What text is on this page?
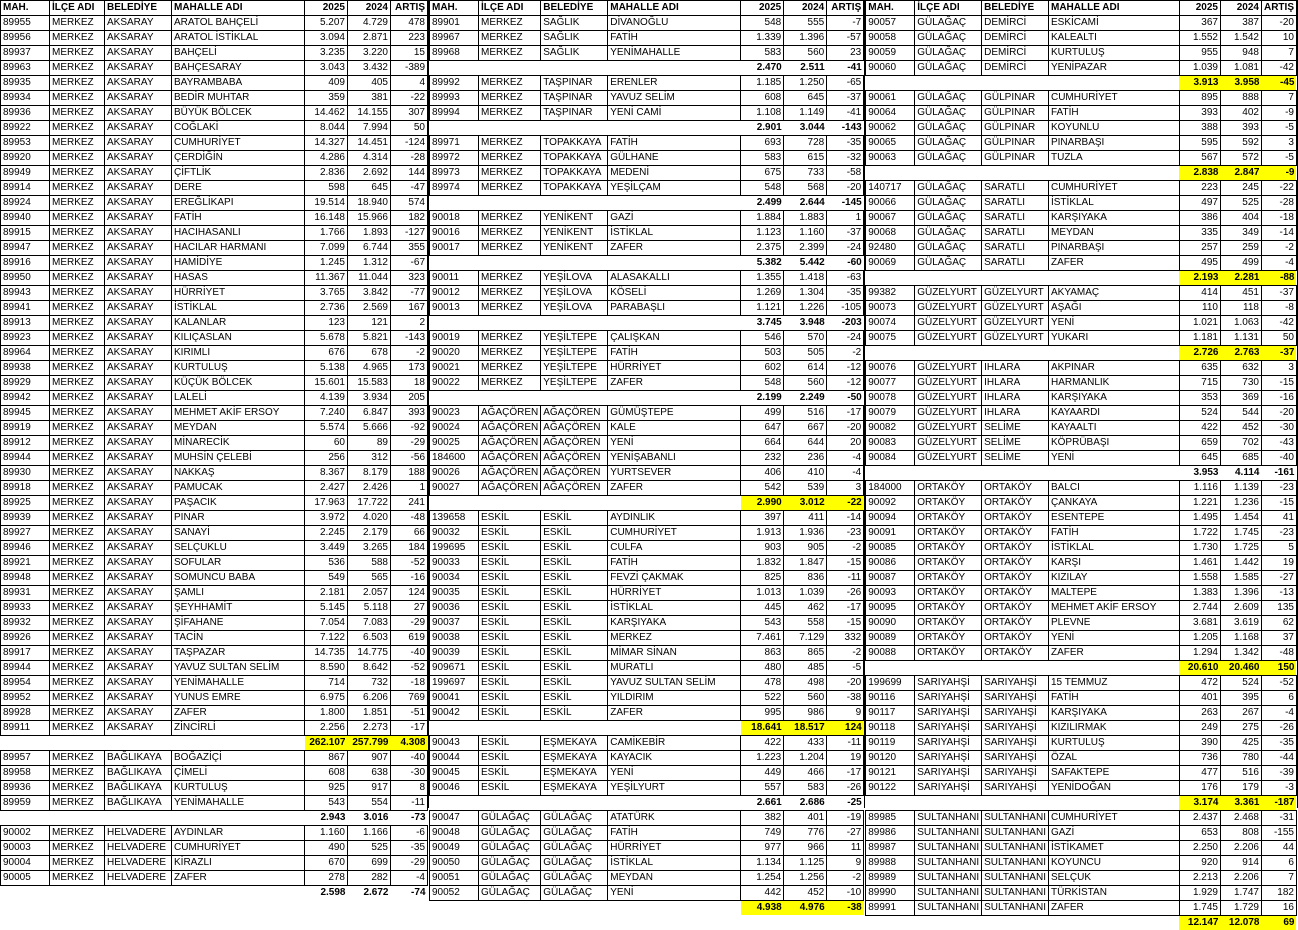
MAH.	İLÇE ADI	BELEDİYE	MAHALLE ADI	2025	2024	ARTIŞ
89955	MERKEZ	AKSARAY	ARATOL BAHÇELİ	5.207	4.729	478
89956	MERKEZ	AKSARAY	ARATOL İSTİKLAL	3.094	2.871	223
89937	MERKEZ	AKSARAY	BAHÇELİ	3.235	3.220	15
89963	MERKEZ	AKSARAY	BAHÇESARAY	3.043	3.432	-389
89935	MERKEZ	AKSARAY	BAYRAMBABA	409	405	4
89934	MERKEZ	AKSARAY	BEDİR MUHTAR	359	381	-22
89936	MERKEZ	AKSARAY	BÜYÜK BÖLCEK	14.462	14.155	307
89922	MERKEZ	AKSARAY	COĞLAKİ	8.044	7.994	50
89953	MERKEZ	AKSARAY	CUMHURİYET	14.327	14.451	-124
89920	MERKEZ	AKSARAY	ÇERDİĞİN	4.286	4.314	-28
89949	MERKEZ	AKSARAY	ÇİFTLİK	2.836	2.692	144
89914	MERKEZ	AKSARAY	DERE	598	645	-47
89924	MERKEZ	AKSARAY	EREĞLİKAPI	19.514	18.940	574
89940	MERKEZ	AKSARAY	FATİH	16.148	15.966	182
89915	MERKEZ	AKSARAY	HACIHASANLI	1.766	1.893	-127
89947	MERKEZ	AKSARAY	HACILAR HARMANI	7.099	6.744	355
89916	MERKEZ	AKSARAY	HAMİDİYE	1.245	1.312	-67
89950	MERKEZ	AKSARAY	HASAS	11.367	11.044	323
89943	MERKEZ	AKSARAY	HÜRRİYET	3.765	3.842	-77
89941	MERKEZ	AKSARAY	İSTİKLAL	2.736	2.569	167
89913	MERKEZ	AKSARAY	KALANLAR	123	121	2
89923	MERKEZ	AKSARAY	KILIÇASLAN	5.678	5.821	-143
89964	MERKEZ	AKSARAY	KIRIMLI	676	678	-2
89938	MERKEZ	AKSARAY	KURTULUŞ	5.138	4.965	173
89929	MERKEZ	AKSARAY	KÜÇÜK BÖLCEK	15.601	15.583	18
89942	MERKEZ	AKSARAY	LALELİ	4.139	3.934	205
89945	MERKEZ	AKSARAY	MEHMET AKİF ERSOY	7.240	6.847	393
89919	MERKEZ	AKSARAY	MEYDAN	5.574	5.666	-92
89912	MERKEZ	AKSARAY	MİNARECİK	60	89	-29
89944	MERKEZ	AKSARAY	MUHSİN ÇELEBİ	256	312	-56
89930	MERKEZ	AKSARAY	NAKKAŞ	8.367	8.179	188
89918	MERKEZ	AKSARAY	PAMUCAK	2.427	2.426	1
89925	MERKEZ	AKSARAY	PAŞACIK	17.963	17.722	241
89939	MERKEZ	AKSARAY	PINAR	3.972	4.020	-48
89927	MERKEZ	AKSARAY	SANAYİ	2.245	2.179	66
89946	MERKEZ	AKSARAY	SELÇUKLU	3.449	3.265	184
89921	MERKEZ	AKSARAY	SOFULAR	536	588	-52
89948	MERKEZ	AKSARAY	SOMUNCU BABA	549	565	-16
89931	MERKEZ	AKSARAY	ŞAMLI	2.181	2.057	124
89933	MERKEZ	AKSARAY	ŞEYHHAMİT	5.145	5.118	27
89932	MERKEZ	AKSARAY	ŞİFAHANE	7.054	7.083	-29
89926	MERKEZ	AKSARAY	TACİN	7.122	6.503	619
89917	MERKEZ	AKSARAY	TAŞPAZAR	14.735	14.775	-40
89944	MERKEZ	AKSARAY	YAVUZ SULTAN SELİM	8.590	8.642	-52
89954	MERKEZ	AKSARAY	YENİMAHALLE	714	732	-18
89952	MERKEZ	AKSARAY	YUNUS EMRE	6.975	6.206	769
89928	MERKEZ	AKSARAY	ZAFER	1.800	1.851	-51
89911	MERKEZ	AKSARAY	ZİNCİRLİ	2.256	2.273	-17
				262.107	257.799	4.308
89957	MERKEZ	BAĞLIKAYA	BOĞAZİÇİ	867	907	-40
89958	MERKEZ	BAĞLIKAYA	ÇİMELİ	608	638	-30
89936	MERKEZ	BAĞLIKAYA	KURTULUŞ	925	917	8
89959	MERKEZ	BAĞLIKAYA	YENİMAHALLE	543	554	-11
				2.943	3.016	-73
90002	MERKEZ	HELVADERE	AYDINLAR	1.160	1.166	-6
90003	MERKEZ	HELVADERE	CUMHURİYET	490	525	-35
90004	MERKEZ	HELVADERE	KİRAZLI	670	699	-29
90005	MERKEZ	HELVADERE	ZAFER	278	282	-4
				2.598	2.672	-74
MAH.	İLÇE ADI	BELEDİYE	MAHALLE ADI	2025	2024	ARTIŞ
89901	MERKEZ	SAĞLIK	DİVANOĞLU	548	555	-7
89967	MERKEZ	SAĞLIK	FATİH	1.339	1.396	-57
89968	MERKEZ	SAĞLIK	YENİMAHALLE	583	560	23
				2.470	2.511	-41
89992	MERKEZ	TAŞPINAR	ERENLER	1.185	1.250	-65
89993	MERKEZ	TAŞPINAR	YAVUZ SELİM	608	645	-37
89994	MERKEZ	TAŞPINAR	YENİ CAMİ	1.108	1.149	-41
				2.901	3.044	-143
89971	MERKEZ	TOPAKKAYA	FATİH	693	728	-35
89972	MERKEZ	TOPAKKAYA	GÜLHANE	583	615	-32
89973	MERKEZ	TOPAKKAYA	MEDENİ	675	733	-58
89974	MERKEZ	TOPAKKAYA	YEŞİLÇAM	548	568	-20
				2.499	2.644	-145
90018	MERKEZ	YENİKENT	GAZİ	1.884	1.883	1
90016	MERKEZ	YENİKENT	İSTİKLAL	1.123	1.160	-37
90017	MERKEZ	YENİKENT	ZAFER	2.375	2.399	-24
				5.382	5.442	-60
90011	MERKEZ	YEŞİLOVA	ALASAKALLI	1.355	1.418	-63
90012	MERKEZ	YEŞİLOVA	KÖSELİ	1.269	1.304	-35
90013	MERKEZ	YEŞİLOVA	PARABAŞLI	1.121	1.226	-105
				3.745	3.948	-203
90019	MERKEZ	YEŞİLTEPE	ÇALIŞKAN	546	570	-24
90020	MERKEZ	YEŞİLTEPE	FATİH	503	505	-2
90021	MERKEZ	YEŞİLTEPE	HÜRRİYET	602	614	-12
90022	MERKEZ	YEŞİLTEPE	ZAFER	548	560	-12
				2.199	2.249	-50
90023	AĞAÇÖREN	AĞAÇÖREN	GÜMÜŞTEPE	499	516	-17
90024	AĞAÇÖREN	AĞAÇÖREN	KALE	647	667	-20
90025	AĞAÇÖREN	AĞAÇÖREN	YENİ	664	644	20
184600	AĞAÇÖREN	AĞAÇÖREN	YENİŞABANLI	232	236	-4
90026	AĞAÇÖREN	AĞAÇÖREN	YURTSEVER	406	410	-4
90027	AĞAÇÖREN	AĞAÇÖREN	ZAFER	542	539	3
				2.990	3.012	-22
139658	ESKİL	ESKİL	AYDINLIK	397	411	-14
90032	ESKİL	ESKİL	CUMHURİYET	1.913	1.936	-23
199695	ESKİL	ESKİL	CULFA	903	905	-2
90033	ESKİL	ESKİL	FATİH	1.832	1.847	-15
90034	ESKİL	ESKİL	FEVZİ ÇAKMAK	825	836	-11
90035	ESKİL	ESKİL	HÜRRİYET	1.013	1.039	-26
90036	ESKİL	ESKİL	İSTİKLAL	445	462	-17
90037	ESKİL	ESKİL	KARŞIYAKA	543	558	-15
90038	ESKİL	ESKİL	MERKEZ	7.461	7.129	332
90039	ESKİL	ESKİL	MİMAR SİNAN	863	865	-2
909671	ESKİL	ESKİL	MURATLI	480	485	-5
199697	ESKİL	ESKİL	YAVUZ SULTAN SELİM	478	498	-20
90041	ESKİL	ESKİL	YILDIRIM	522	560	-38
90042	ESKİL	ESKİL	ZAFER	995	986	9
				18.641	18.517	124
90043	ESKİL	EŞMEKAYA	CAMİKEBİR	422	433	-11
90044	ESKİL	EŞMEKAYA	KAYACIK	1.223	1.204	19
90045	ESKİL	EŞMEKAYA	YENİ	449	466	-17
90046	ESKİL	EŞMEKAYA	YEŞİLYURT	557	583	-26
				2.661	2.686	-25
90047	GÜLAĞAÇ	GÜLAĞAÇ	ATATÜRK	382	401	-19
90048	GÜLAĞAÇ	GÜLAĞAÇ	FATİH	749	776	-27
90049	GÜLAĞAÇ	GÜLAĞAÇ	HÜRRİYET	977	966	11
90050	GÜLAĞAÇ	GÜLAĞAÇ	İSTİKLAL	1.134	1.125	9
90051	GÜLAĞAÇ	GÜLAĞAÇ	MEYDAN	1.254	1.256	-2
90052	GÜLAĞAÇ	GÜLAĞAÇ	YENİ	442	452	-10
				4.938	4.976	-38
MAH.	İLÇE ADI	BELEDİYE	MAHALLE ADI	2025	2024	ARTIŞ
90057	GÜLAĞAÇ	DEMİRCİ	ESKİCAMİ	367	387	-20
90058	GÜLAĞAÇ	DEMİRCİ	KALEALTI	1.552	1.542	10
90059	GÜLAĞAÇ	DEMİRCİ	KURTULUŞ	955	948	7
90060	GÜLAĞAÇ	DEMİRCİ	YENİPAZAR	1.039	1.081	-42
				3.913	3.958	-45
90061	GÜLAĞAÇ	GÜLPINAR	CUMHURİYET	895	888	7
90064	GÜLAĞAÇ	GÜLPINAR	FATİH	393	402	-9
90062	GÜLAĞAÇ	GÜLPINAR	KOYUNLU	388	393	-5
90065	GÜLAĞAÇ	GÜLPINAR	PINARBAŞI	595	592	3
90063	GÜLAĞAÇ	GÜLPINAR	TUZLA	567	572	-5
				2.838	2.847	-9
140717	GÜLAĞAÇ	SARATLI	CUMHURİYET	223	245	-22
90066	GÜLAĞAÇ	SARATLI	İSTİKLAL	497	525	-28
90067	GÜLAĞAÇ	SARATLI	KARŞIYAKA	386	404	-18
90068	GÜLAĞAÇ	SARATLI	MEYDAN	335	349	-14
92480	GÜLAĞAÇ	SARATLI	PINARBAŞI	257	259	-2
90069	GÜLAĞAÇ	SARATLI	ZAFER	495	499	-4
				2.193	2.281	-88
99382	GÜZELYURT	GÜZELYURT	AKYAMAÇ	414	451	-37
90073	GÜZELYURT	GÜZELYURT	AŞAĞI	110	118	-8
90074	GÜZELYURT	GÜZELYURT	YENİ	1.021	1.063	-42
90075	GÜZELYURT	GÜZELYURT	YUKARI	1.181	1.131	50
				2.726	2.763	-37
90076	GÜZELYURT	IHLARA	AKPINAR	635	632	3
90077	GÜZELYURT	IHLARA	HARMANLIK	715	730	-15
90078	GÜZELYURT	IHLARA	KARŞIYAKA	353	369	-16
90079	GÜZELYURT	IHLARA	KAYAARDI	524	544	-20
90082	GÜZELYURT	SELİME	KAYAALTI	422	452	-30
90083	GÜZELYURT	SELİME	KÖPRÜBAŞI	659	702	-43
90084	GÜZELYURT	SELİME	YENİ	645	685	-40
				3.953	4.114	-161
184000	ORTAKÖY	ORTAKÖY	BALCI	1.116	1.139	-23
90092	ORTAKÖY	ORTAKÖY	ÇANKAYA	1.221	1.236	-15
90094	ORTAKÖY	ORTAKÖY	ESENTEPE	1.495	1.454	41
90091	ORTAKÖY	ORTAKÖY	FATİH	1.722	1.745	-23
90085	ORTAKÖY	ORTAKÖY	İSTİKLAL	1.730	1.725	5
90086	ORTAKÖY	ORTAKÖY	KARŞI	1.461	1.442	19
90087	ORTAKÖY	ORTAKÖY	KIZILAY	1.558	1.585	-27
90093	ORTAKÖY	ORTAKÖY	MALTEPE	1.383	1.396	-13
90095	ORTAKÖY	ORTAKÖY	MEHMET AKİF ERSOY	2.744	2.609	135
90090	ORTAKÖY	ORTAKÖY	PLEVNE	3.681	3.619	62
90089	ORTAKÖY	ORTAKÖY	YENİ	1.205	1.168	37
90088	ORTAKÖY	ORTAKÖY	ZAFER	1.294	1.342	-48
				20.610	20.460	150
199699	SARIYAHŞİ	SARIYAHŞİ	15 TEMMUZ	472	524	-52
90116	SARIYAHŞİ	SARIYAHŞİ	FATİH	401	395	6
90117	SARIYAHŞİ	SARIYAHŞİ	KARŞIYAKA	263	267	-4
90118	SARIYAHŞİ	SARIYAHŞİ	KIZILIRMAK	249	275	-26
90119	SARIYAHŞİ	SARIYAHŞİ	KURTULUŞ	390	425	-35
90120	SARIYAHŞİ	SARIYAHŞİ	ÖZAL	736	780	-44
90121	SARIYAHŞİ	SARIYAHŞİ	SAFAKTEPE	477	516	-39
90122	SARIYAHŞİ	SARIYAHŞİ	YENİDOĞAN	176	179	-3
				3.174	3.361	-187
89985	SULTANHANI	SULTANHANI	CUMHURİYET	2.437	2.468	-31
89986	SULTANHANI	SULTANHANI	GAZİ	653	808	-155
89987	SULTANHANI	SULTANHANI	İSTİKAMET	2.250	2.206	44
89988	SULTANHANI	SULTANHANI	KOYUNCU	920	914	6
89989	SULTANHANI	SULTANHANI	SELÇUK	2.213	2.206	7
89990	SULTANHANI	SULTANHANI	TÜRKİSTAN	1.929	1.747	182
89991	SULTANHANI	SULTANHANI	ZAFER	1.745	1.729	16
				12.147	12.078	69
